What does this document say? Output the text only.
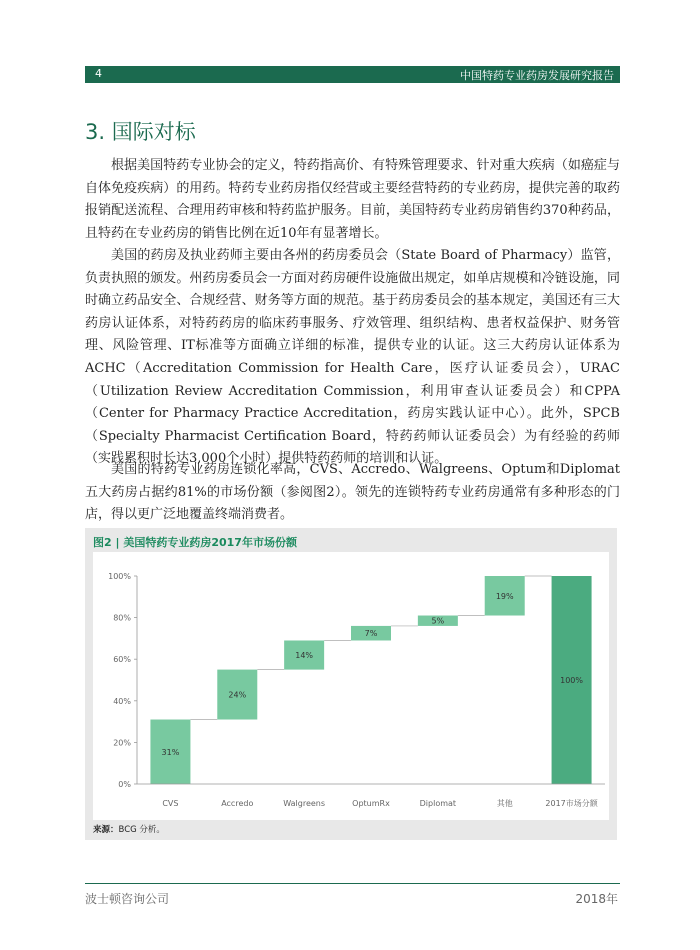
4	中国特药专业药房发展研究报告
3. 国际对标

根据美国特药专业协会的定义，特药指高价、有特殊管理要求、针对重大疾病（如癌症与自体免疫疾病）的用药。特药专业药房指仅经营或主要经营特药的专业药房，提供完善的取药报销配送流程、合理用药审核和特药监护服务。目前，美国特药专业药房销售约370种药品，且特药在专业药房的销售比例在近10年有显著增长。

美国的药房及执业药师主要由各州的药房委员会（State Board of Pharmacy）监管，负责执照的颁发。州药房委员会一方面对药房硬件设施做出规定，如单店规模和冷链设施，同时确立药品安全、合规经营、财务等方面的规范。基于药房委员会的基本规定，美国还有三大药房认证体系，对特药药房的临床药事服务、疗效管理、组织结构、患者权益保护、财务管理、风险管理、IT标准等方面确立详细的标准，提供专业的认证。这三大药房认证体系为ACHC（Accreditation Commission for Health Care，医疗认证委员会），URAC（Utilization Review Accreditation Commission，利用审查认证委员会）和CPPA（Center for Pharmacy Practice Accreditation，药房实践认证中心）。此外，SPCB（Specialty Pharmacist Certification Board，特药药师认证委员会）为有经验的药师（实践累积时长达3,000个小时）提供特药药师的培训和认证。

美国的特药专业药房连锁化率高，CVS、Accredo、Walgreens、Optum和Diplomat五大药房占据约81%的市场份额（参阅图2）。领先的连锁特药专业药房通常有多种形态的门店，得以更广泛地覆盖终端消费者。

图2 | 美国特药专业药房2017年市场份额
0%
20%
40%
60%
80%
100%
31%
24%
14%
7%
5%
19%
100%
CVS	Accredo	Walgreens	OptumRx	Diplomat	其他	2017市场分额
来源：BCG 分析。
波士顿咨询公司	2018年
